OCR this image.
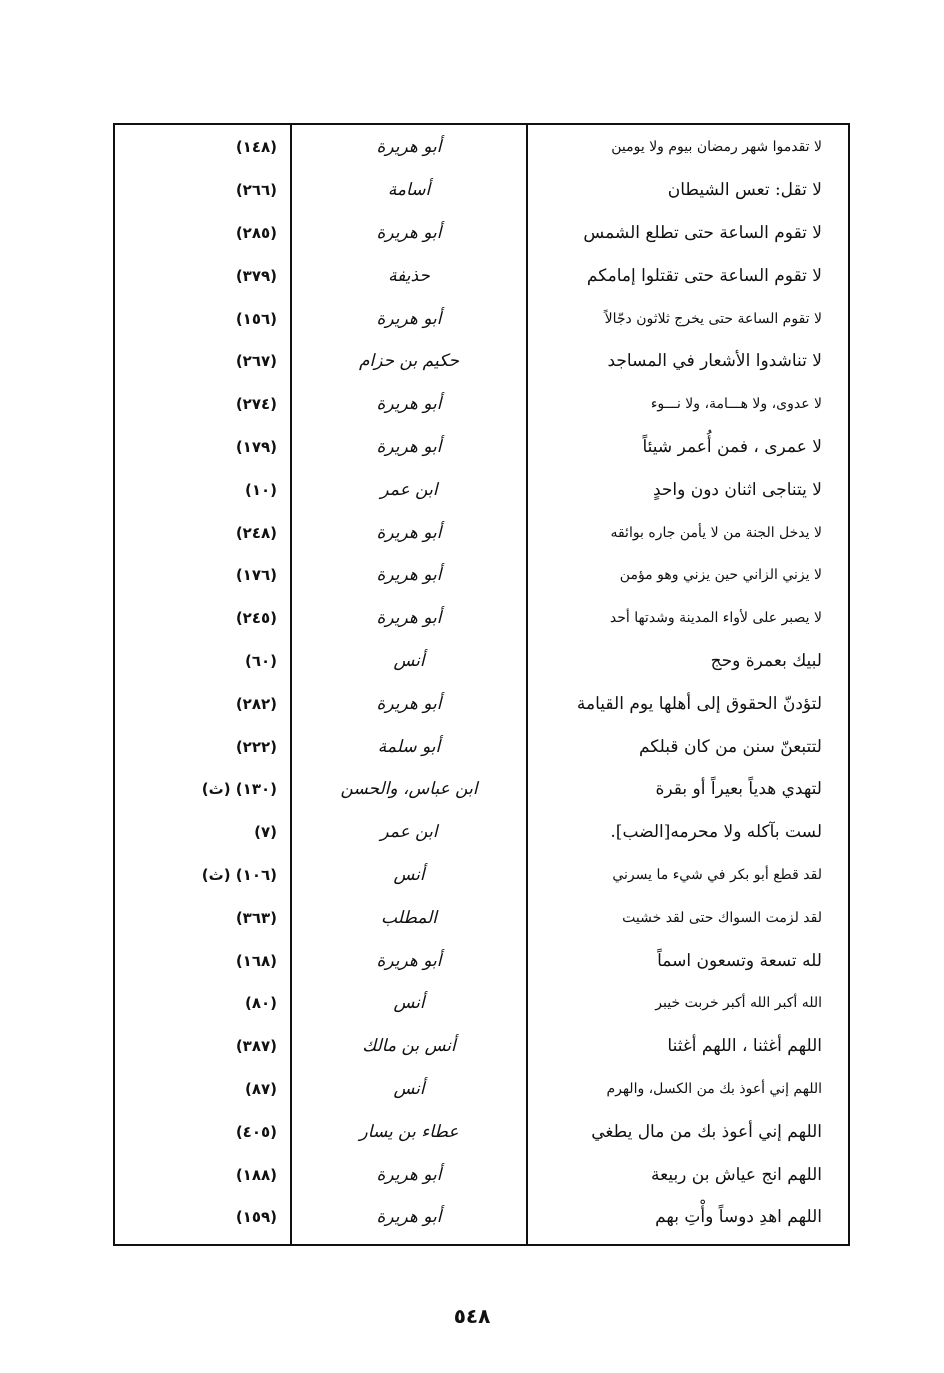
لا تقدموا شهر رمضان بيوم ولا يومين
أبو هريرة
(١٤٨)
لا تقل: تعس الشيطان
أسامة
(٢٦٦)
لا تقوم الساعة حتى تطلع الشمس
أبو هريرة
(٢٨٥)
لا تقوم الساعة حتى تقتلوا إمامكم
حذيفة
(٣٧٩)
لا تقوم الساعة حتى يخرج ثلاثون دجّالاً
أبو هريرة
(١٥٦)
لا تناشدوا الأشعار في المساجد
حكيم بن حزام
(٢٦٧)
لا عدوى، ولا هـــامة، ولا نـــوء
أبو هريرة
(٢٧٤)
لا عمرى ، فمن أُعمر شيئاً
أبو هريرة
(١٧٩)
لا يتناجى اثنان دون واحدٍ
ابن عمر
(١٠)
لا يدخل الجنة من لا يأمن جاره بوائقه
أبو هريرة
(٢٤٨)
لا يزني الزاني حين يزني وهو مؤمن
أبو هريرة
(١٧٦)
لا يصبر على لأواء المدينة وشدتها أحد
أبو هريرة
(٢٤٥)
لبيك بعمرة وحج
أنس
(٦٠)
لتؤدنّ الحقوق إلى أهلها يوم القيامة
أبو هريرة
(٢٨٢)
لتتبعنّ سنن من كان قبلكم
أبو سلمة
(٢٢٢)
لتهدي هدياً بعيراً أو بقرة
ابن عباس، والحسن
(١٣٠) (ث)
لست بآكله ولا محرمه[الضب].
ابن عمر
(٧)
لقد قطع أبو بكر في شيء ما يسرني
أنس
(١٠٦) (ث)
لقد لزمت السواك حتى لقد خشيت
المطلب
(٣٦٣)
لله تسعة وتسعون اسماً
أبو هريرة
(١٦٨)
الله أكبر الله أكبر خربت خيبر
أنس
(٨٠)
اللهم أغثنا ، اللهم أغثنا
أنس بن مالك
(٣٨٧)
اللهم إني أعوذ بك من الكسل، والهرم
أنس
(٨٧)
اللهم إني أعوذ بك من مال يطغي
عطاء بن يسار
(٤٠٥)
اللهم انج عياش بن ربيعة
أبو هريرة
(١٨٨)
اللهم اهدِ دوساً وأْتِ بهم
أبو هريرة
(١٥٩)
٥٤٨
